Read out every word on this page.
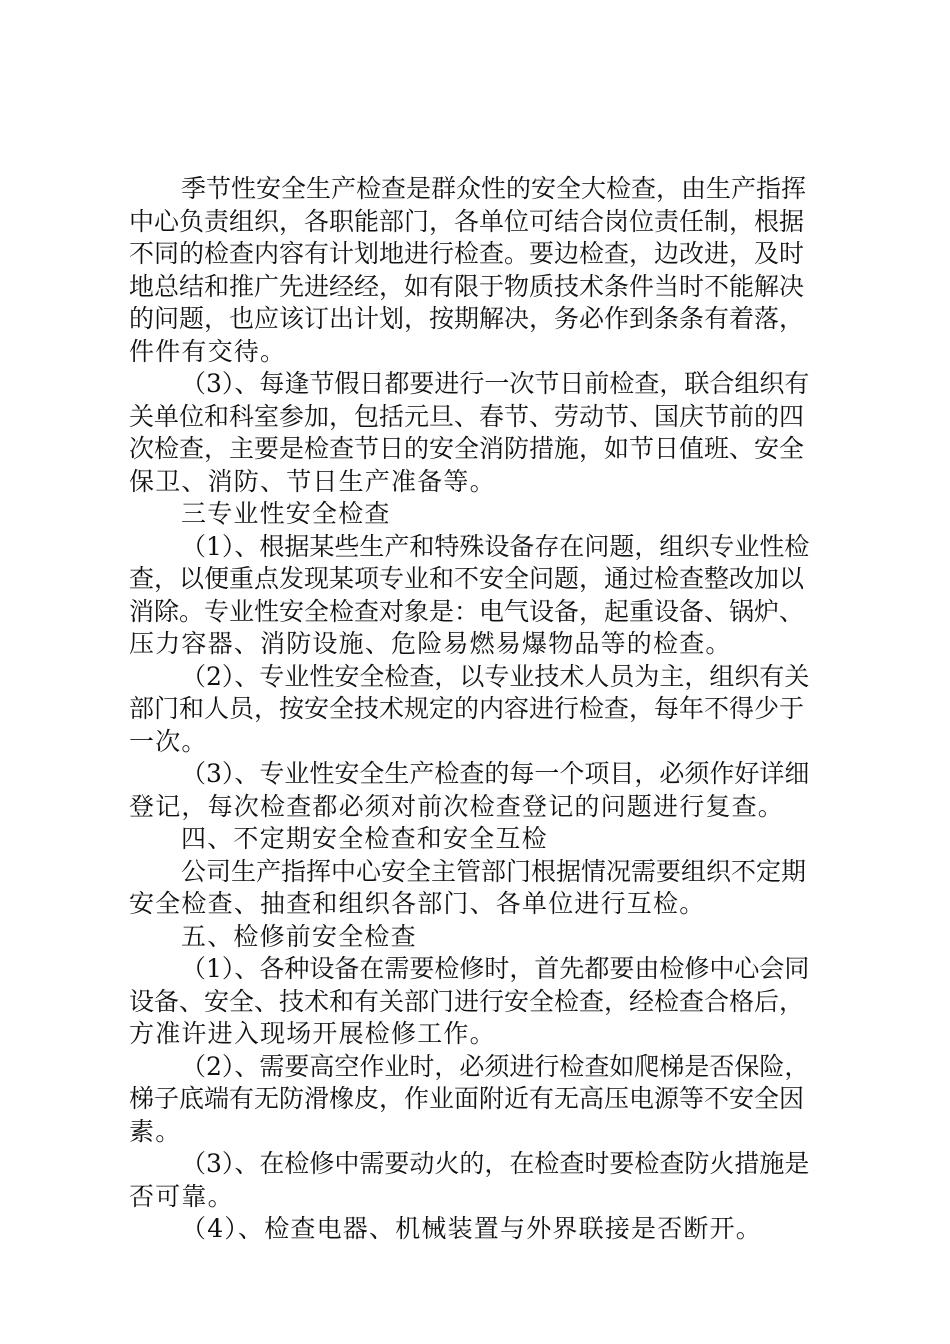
季节性安全生产检查是群众性的安全大检查，由生产指挥
中心负责组织，各职能部门，各单位可结合岗位责任制，根据
不同的检查内容有计划地进行检查。要边检查，边改进，及时
地总结和推广先进经经，如有限于物质技术条件当时不能解决
的问题，也应该订出计划，按期解决，务必作到条条有着落，
件件有交待。
（3）、每逢节假日都要进行一次节日前检查，联合组织有
关单位和科室参加，包括元旦、春节、劳动节、国庆节前的四
次检查，主要是检查节日的安全消防措施，如节日值班、安全
保卫、消防、节日生产准备等。
三专业性安全检查
（1）、根据某些生产和特殊设备存在问题，组织专业性检
查，以便重点发现某项专业和不安全问题，通过检查整改加以
消除。专业性安全检查对象是：电气设备，起重设备、锅炉、
压力容器、消防设施、危险易燃易爆物品等的检查。
（2）、专业性安全检查，以专业技术人员为主，组织有关
部门和人员，按安全技术规定的内容进行检查，每年不得少于
一次。
（3）、专业性安全生产检查的每一个项目，必须作好详细
登记，每次检查都必须对前次检查登记的问题进行复查。
四、不定期安全检查和安全互检
公司生产指挥中心安全主管部门根据情况需要组织不定期
安全检查、抽查和组织各部门、各单位进行互检。
五、检修前安全检查
（1）、各种设备在需要检修时，首先都要由检修中心会同
设备、安全、技术和有关部门进行安全检查，经检查合格后，
方准许进入现场开展检修工作。
（2）、需要高空作业时，必须进行检查如爬梯是否保险，
梯子底端有无防滑橡皮，作业面附近有无高压电源等不安全因
素。
（3）、在检修中需要动火的，在检查时要检查防火措施是
否可靠。
（4）、检查电器、机械装置与外界联接是否断开。
